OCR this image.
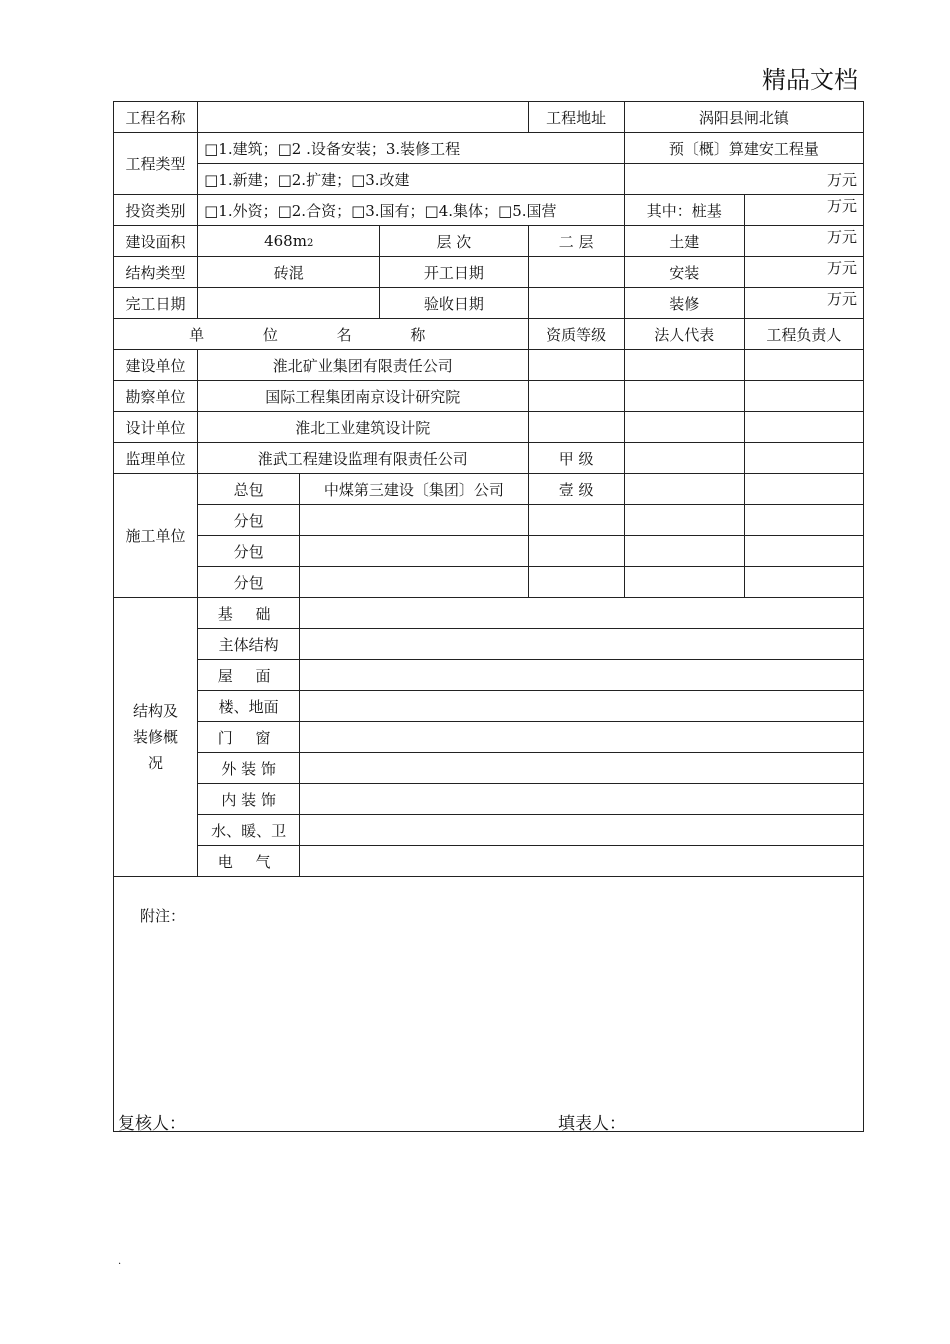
精品文档
工程名称				工程地址	涡阳县闸北镇	
工程类型	□1.建筑；□2 .设备安装；3.装修工程				预〔概〕算建安工程量	
	□1.新建；□2.扩建；□3.改建				万元	
投资类别	□1.外资；□2.合资；□3.国有；□4.集体；□5.国营				其中：桩基	万元
建设面积	468m2		层 次	二 层	土建	万元
结构类型	砖混		开工日期		安装	万元
完工日期			验收日期		装修	万元
单 位 名 称				资质等级	法人代表	工程负责人
建设单位	淮北矿业集团有限责任公司					
勘察单位	国际工程集团南京设计研究院					
设计单位	淮北工业建筑设计院					
监理单位	淮武工程建设监理有限责任公司			甲 级		
施工单位	总包	中煤第三建设〔集团〕公司		壹 级		
	分包					
	分包					
	分包					
结构及
装修概
况	基 础					
	主体结构					
	屋 面					
	楼、地面					
	门 窗					
	外 装 饰					
	内 装 饰					
	水、暖、卫					
	电 气					
附注：						
复核人：	填表人：
.
